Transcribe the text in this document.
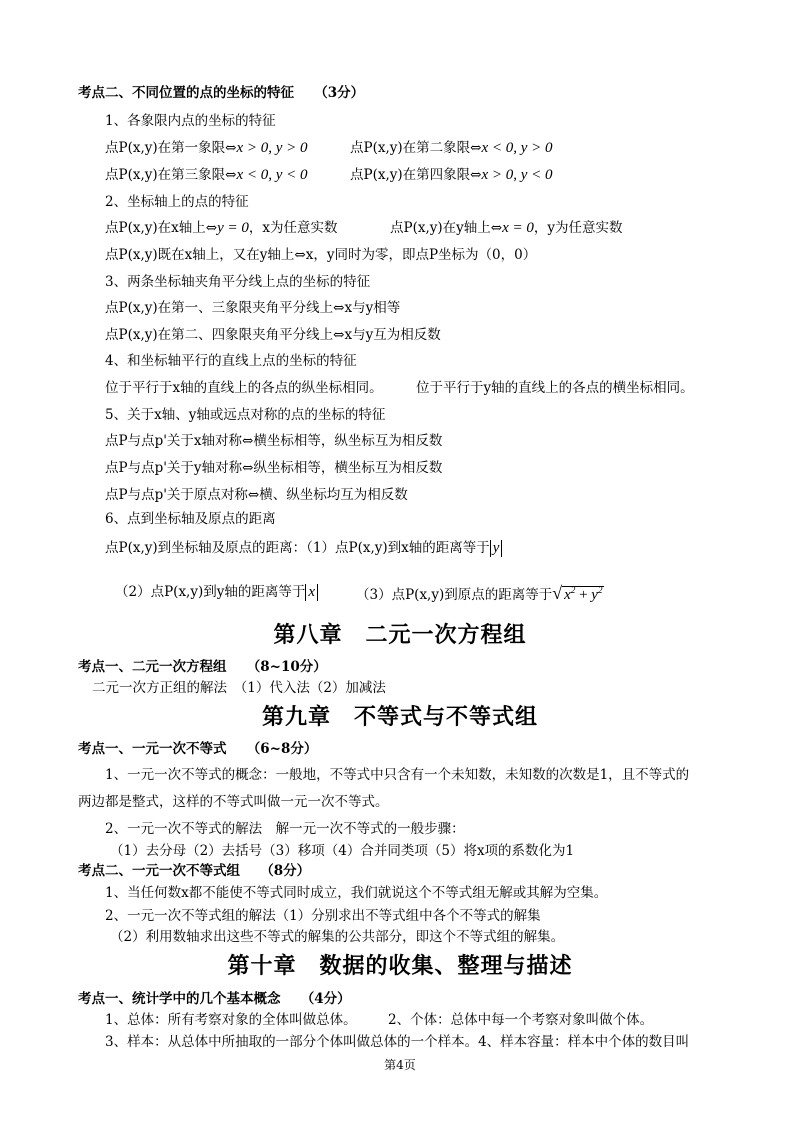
考点二、不同位置的点的坐标的特征　　（3分）
1、各象限内点的坐标的特征
点P(x,y)在第一象限⇔x > 0, y > 0	点P(x,y)在第二象限⇔x < 0, y > 0
点P(x,y)在第三象限⇔x < 0, y < 0	点P(x,y)在第四象限⇔x > 0, y < 0
2、坐标轴上的点的特征
点P(x,y)在x轴上⇔y = 0，x为任意实数	点P(x,y)在y轴上⇔x = 0，y为任意实数
点P(x,y)既在x轴上，又在y轴上⇔x，y同时为零，即点P坐标为（0，0）
3、两条坐标轴夹角平分线上点的坐标的特征
点P(x,y)在第一、三象限夹角平分线上⇔x与y相等
点P(x,y)在第二、四象限夹角平分线上⇔x与y互为相反数
4、和坐标轴平行的直线上点的坐标的特征
位于平行于x轴的直线上的各点的纵坐标相同。 位于平行于y轴的直线上的各点的横坐标相同。
5、关于x轴、y轴或远点对称的点的坐标的特征
点P与点p'关于x轴对称⇔横坐标相等，纵坐标互为相反数
点P与点p'关于y轴对称⇔纵坐标相等，横坐标互为相反数
点P与点p'关于原点对称⇔横、纵坐标均互为相反数
6、点到坐标轴及原点的距离
点P(x,y)到坐标轴及原点的距离：（1）点P(x,y)到x轴的距离等于 y
（2）点P(x,y)到y轴的距离等于 x	（3）点P(x,y)到原点的距离等于√ $x^2 + y^2$
第八章　二元一次方程组
考点一、二元一次方程组　　（8~10分）
二元一次方正组的解法　（1）代入法（2）加减法
第九章　不等式与不等式组
考点一、一元一次不等式　　（6~8分）
1、一元一次不等式的概念：一般地，不等式中只含有一个未知数，未知数的次数是1，且不等式的
两边都是整式，这样的不等式叫做一元一次不等式。
2、一元一次不等式的解法　解一元一次不等式的一般步骤：
（1）去分母（2）去括号（3）移项（4）合并同类项（5）将x项的系数化为1
考点二、一元一次不等式组　　（8分）
1、当任何数x都不能使不等式同时成立，我们就说这个不等式组无解或其解为空集。
2、一元一次不等式组的解法（1）分别求出不等式组中各个不等式的解集
（2）利用数轴求出这些不等式的解集的公共部分，即这个不等式组的解集。
第十章　数据的收集、整理与描述
考点一、统计学中的几个基本概念　　（4分）
1、总体：所有考察对象的全体叫做总体。 2、个体：总体中每一个考察对象叫做个体。
3、样本：从总体中所抽取的一部分个体叫做总体的一个样本。4、样本容量：样本中个体的数目叫
第4页
